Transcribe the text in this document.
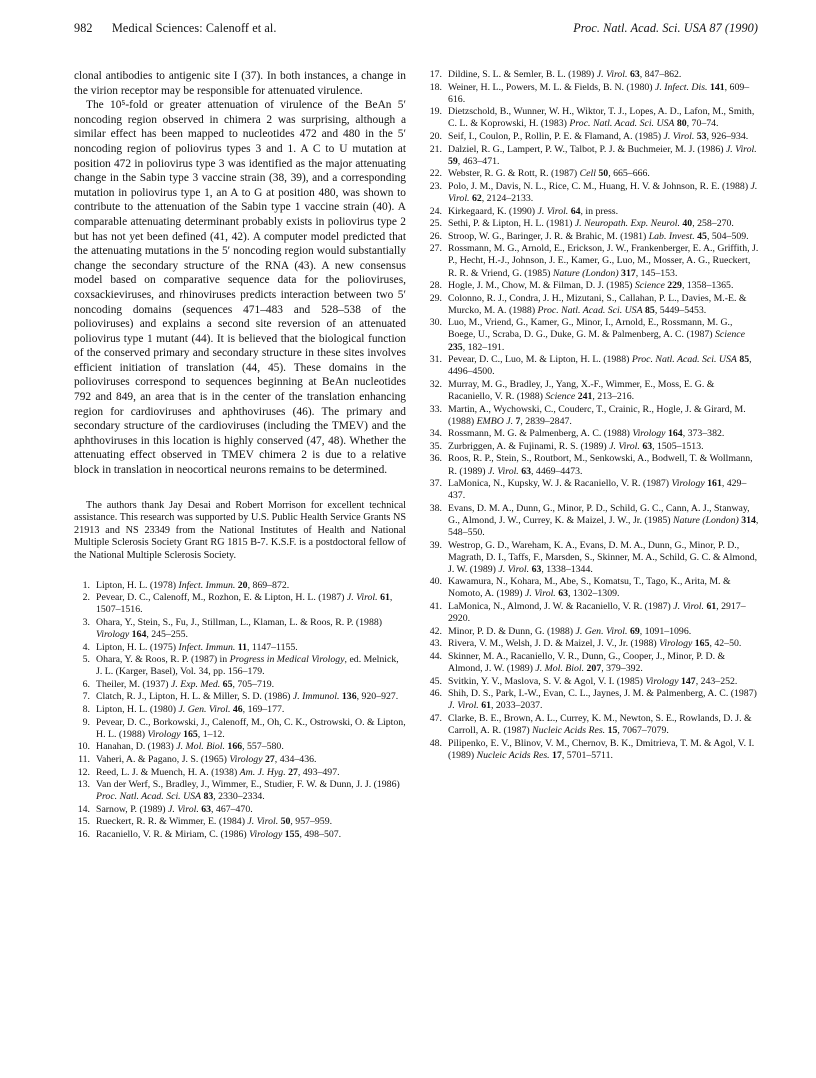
982 Medical Sciences: Calenoff et al.	Proc. Natl. Acad. Sci. USA 87 (1990)

clonal antibodies to antigenic site I (37). In both instances, a change in the virion receptor may be responsible for attenuated virulence.

The 10⁵-fold or greater attenuation of virulence of the BeAn 5′ noncoding region observed in chimera 2 was surprising, although a similar effect has been mapped to nucleotides 472 and 480 in the 5′ noncoding region of poliovirus types 3 and 1. A C to U mutation at position 472 in poliovirus type 3 was identified as the major attenuating change in the Sabin type 3 vaccine strain (38, 39), and a corresponding mutation in poliovirus type 1, an A to G at position 480, was shown to contribute to the attenuation of the Sabin type 1 vaccine strain (40). A comparable attenuating determinant probably exists in poliovirus type 2 but has not yet been defined (41, 42). A computer model predicted that the attenuating mutations in the 5′ noncoding region would substantially change the secondary structure of the RNA (43). A new consensus model based on comparative sequence data for the polioviruses, coxsackieviruses, and rhinoviruses predicts interaction between two 5′ noncoding domains (sequences 471–483 and 528–538 of the polioviruses) and explains a second site reversion of an attenuated poliovirus type 1 mutant (44). It is believed that the biological function of the conserved primary and secondary structure in these sites involves efficient initiation of translation (44, 45). These domains in the polioviruses correspond to sequences beginning at BeAn nucleotides 792 and 849, an area that is in the center of the translation enhancing region for cardioviruses and aphthoviruses (46). The primary and secondary structure of the cardioviruses (including the TMEV) and the aphthoviruses in this location is highly conserved (47, 48). Whether the attenuating effect observed in TMEV chimera 2 is due to a relative block in translation in neocortical neurons remains to be determined.

The authors thank Jay Desai and Robert Morrison for excellent technical assistance. This research was supported by U.S. Public Health Service Grants NS 21913 and NS 23349 from the National Institutes of Health and National Multiple Sclerosis Society Grant RG 1815 B-7. K.S.F. is a postdoctoral fellow of the National Multiple Sclerosis Society.

1. Lipton, H. L. (1978) Infect. Immun. 20, 869–872.
2. Pevear, D. C., Calenoff, M., Rozhon, E. & Lipton, H. L. (1987) J. Virol. 61, 1507–1516.
3. Ohara, Y., Stein, S., Fu, J., Stillman, L., Klaman, L. & Roos, R. P. (1988) Virology 164, 245–255.
4. Lipton, H. L. (1975) Infect. Immun. 11, 1147–1155.
5. Ohara, Y. & Roos, R. P. (1987) in Progress in Medical Virology, ed. Melnick, J. L. (Karger, Basel), Vol. 34, pp. 156–179.
6. Theiler, M. (1937) J. Exp. Med. 65, 705–719.
7. Clatch, R. J., Lipton, H. L. & Miller, S. D. (1986) J. Immunol. 136, 920–927.
8. Lipton, H. L. (1980) J. Gen. Virol. 46, 169–177.
9. Pevear, D. C., Borkowski, J., Calenoff, M., Oh, C. K., Ostrowski, O. & Lipton, H. L. (1988) Virology 165, 1–12.
10. Hanahan, D. (1983) J. Mol. Biol. 166, 557–580.
11. Vaheri, A. & Pagano, J. S. (1965) Virology 27, 434–436.
12. Reed, L. J. & Muench, H. A. (1938) Am. J. Hyg. 27, 493–497.
13. Van der Werf, S., Bradley, J., Wimmer, E., Studier, F. W. & Dunn, J. J. (1986) Proc. Natl. Acad. Sci. USA 83, 2330–2334.
14. Sarnow, P. (1989) J. Virol. 63, 467–470.
15. Rueckert, R. R. & Wimmer, E. (1984) J. Virol. 50, 957–959.
16. Racaniello, V. R. & Miriam, C. (1986) Virology 155, 498–507.
17. Dildine, S. L. & Semler, B. L. (1989) J. Virol. 63, 847–862.
18. Weiner, H. L., Powers, M. L. & Fields, B. N. (1980) J. Infect. Dis. 141, 609–616.
19. Dietzschold, B., Wunner, W. H., Wiktor, T. J., Lopes, A. D., Lafon, M., Smith, C. L. & Koprowski, H. (1983) Proc. Natl. Acad. Sci. USA 80, 70–74.
20. Seif, I., Coulon, P., Rollin, P. E. & Flamand, A. (1985) J. Virol. 53, 926–934.
21. Dalziel, R. G., Lampert, P. W., Talbot, P. J. & Buchmeier, M. J. (1986) J. Virol. 59, 463–471.
22. Webster, R. G. & Rott, R. (1987) Cell 50, 665–666.
23. Polo, J. M., Davis, N. L., Rice, C. M., Huang, H. V. & Johnson, R. E. (1988) J. Virol. 62, 2124–2133.
24. Kirkegaard, K. (1990) J. Virol. 64, in press.
25. Sethi, P. & Lipton, H. L. (1981) J. Neuropath. Exp. Neurol. 40, 258–270.
26. Stroop, W. G., Baringer, J. R. & Brahic, M. (1981) Lab. Invest. 45, 504–509.
27. Rossmann, M. G., Arnold, E., Erickson, J. W., Frankenberger, E. A., Griffith, J. P., Hecht, H.-J., Johnson, J. E., Kamer, G., Luo, M., Mosser, A. G., Rueckert, R. R. & Vriend, G. (1985) Nature (London) 317, 145–153.
28. Hogle, J. M., Chow, M. & Filman, D. J. (1985) Science 229, 1358–1365.
29. Colonno, R. J., Condra, J. H., Mizutani, S., Callahan, P. L., Davies, M.-E. & Murcko, M. A. (1988) Proc. Natl. Acad. Sci. USA 85, 5449–5453.
30. Luo, M., Vriend, G., Kamer, G., Minor, I., Arnold, E., Rossmann, M. G., Boege, U., Scraba, D. G., Duke, G. M. & Palmenberg, A. C. (1987) Science 235, 182–191.
31. Pevear, D. C., Luo, M. & Lipton, H. L. (1988) Proc. Natl. Acad. Sci. USA 85, 4496–4500.
32. Murray, M. G., Bradley, J., Yang, X.-F., Wimmer, E., Moss, E. G. & Racaniello, V. R. (1988) Science 241, 213–216.
33. Martin, A., Wychowski, C., Couderc, T., Crainic, R., Hogle, J. & Girard, M. (1988) EMBO J. 7, 2839–2847.
34. Rossmann, M. G. & Palmenberg, A. C. (1988) Virology 164, 373–382.
35. Zurbriggen, A. & Fujinami, R. S. (1989) J. Virol. 63, 1505–1513.
36. Roos, R. P., Stein, S., Routbort, M., Senkowski, A., Bodwell, T. & Wollmann, R. (1989) J. Virol. 63, 4469–4473.
37. LaMonica, N., Kupsky, W. J. & Racaniello, V. R. (1987) Virology 161, 429–437.
38. Evans, D. M. A., Dunn, G., Minor, P. D., Schild, G. C., Cann, A. J., Stanway, G., Almond, J. W., Currey, K. & Maizel, J. W., Jr. (1985) Nature (London) 314, 548–550.
39. Westrop, G. D., Wareham, K. A., Evans, D. M. A., Dunn, G., Minor, P. D., Magrath, D. I., Taffs, F., Marsden, S., Skinner, M. A., Schild, G. C. & Almond, J. W. (1989) J. Virol. 63, 1338–1344.
40. Kawamura, N., Kohara, M., Abe, S., Komatsu, T., Tago, K., Arita, M. & Nomoto, A. (1989) J. Virol. 63, 1302–1309.
41. LaMonica, N., Almond, J. W. & Racaniello, V. R. (1987) J. Virol. 61, 2917–2920.
42. Minor, P. D. & Dunn, G. (1988) J. Gen. Virol. 69, 1091–1096.
43. Rivera, V. M., Welsh, J. D. & Maizel, J. V., Jr. (1988) Virology 165, 42–50.
44. Skinner, M. A., Racaniello, V. R., Dunn, G., Cooper, J., Minor, P. D. & Almond, J. W. (1989) J. Mol. Biol. 207, 379–392.
45. Svitkin, Y. V., Maslova, S. V. & Agol, V. I. (1985) Virology 147, 243–252.
46. Shih, D. S., Park, I.-W., Evan, C. L., Jaynes, J. M. & Palmenberg, A. C. (1987) J. Virol. 61, 2033–2037.
47. Clarke, B. E., Brown, A. L., Currey, K. M., Newton, S. E., Rowlands, D. J. & Carroll, A. R. (1987) Nucleic Acids Res. 15, 7067–7079.
48. Pilipenko, E. V., Blinov, V. M., Chernov, B. K., Dmitrieva, T. M. & Agol, V. I. (1989) Nucleic Acids Res. 17, 5701–5711.
